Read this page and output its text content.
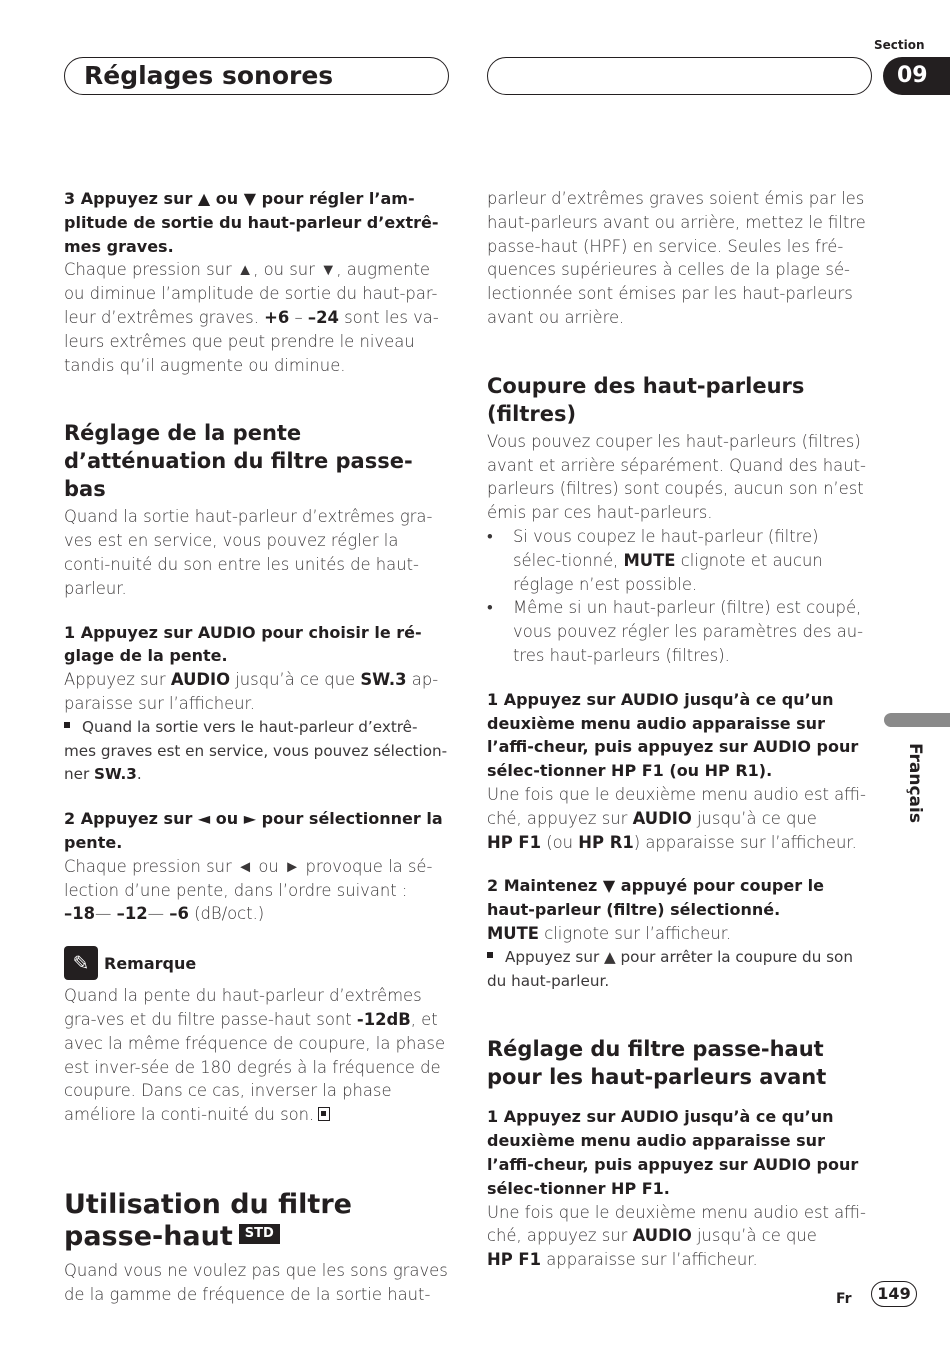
Réglages sonores
Section
09
Français

3 Appuyez sur ▲ ou ▼ pour régler l’am-plitude de sortie du haut-parleur d’extrê-mes graves.

Chaque pression sur ▲, ou sur ▼, augmente ou diminue l’amplitude de sortie du haut-par-leur d’extrêmes graves. +6 – –24 sont les va-leurs extrêmes que peut prendre le niveau tandis qu’il augmente ou diminue.

Réglage de la pente d’atténuation du filtre passe-bas

Quand la sortie haut-parleur d’extrêmes gra-ves est en service, vous pouvez régler la conti-nuité du son entre les unités de haut-parleur.

1 Appuyez sur AUDIO pour choisir le ré-glage de la pente.

Appuyez sur AUDIO jusqu’à ce que SW.3 ap-paraisse sur l’afficheur.

Quand la sortie vers le haut-parleur d’extrê-mes graves est en service, vous pouvez sélection-ner SW.3.

2 Appuyez sur ◄ ou ► pour sélectionner la pente.

Chaque pression sur ◄ ou ► provoque la sé-lection d’une pente, dans l’ordre suivant :

–18— –12— –6 (dB/oct.)

✎ Remarque

Quand la pente du haut-parleur d’extrêmes gra-ves et du filtre passe-haut sont -12dB, et avec la même fréquence de coupure, la phase est inver-sée de 180 degrés à la fréquence de coupure. Dans ce cas, inverser la phase améliore la conti-nuité du son.

Utilisation du filtre passe-haut STD

Quand vous ne voulez pas que les sons graves de la gamme de fréquence de la sortie haut-

parleur d’extrêmes graves soient émis par les haut-parleurs avant ou arrière, mettez le filtre passe-haut (HPF) en service. Seules les fré-quences supérieures à celles de la plage sé-lectionnée sont émises par les haut-parleurs avant ou arrière.

Coupure des haut-parleurs (filtres)

Vous pouvez couper les haut-parleurs (filtres) avant et arrière séparément. Quand des haut-parleurs (filtres) sont coupés, aucun son n’est émis par ces haut-parleurs.

•	Si vous coupez le haut-parleur (filtre) sélec-tionné, MUTE clignote et aucun réglage n’est possible.
•	Même si un haut-parleur (filtre) est coupé, vous pouvez régler les paramètres des au-tres haut-parleurs (filtres).

1 Appuyez sur AUDIO jusqu’à ce qu’un deuxième menu audio apparaisse sur l’affi-cheur, puis appuyez sur AUDIO pour sélec-tionner HP F1 (ou HP R1).

Une fois que le deuxième menu audio est affi-ché, appuyez sur AUDIO jusqu’à ce que
HP F1 (ou HP R1) apparaisse sur l’afficheur.

2 Maintenez ▼ appuyé pour couper le haut-parleur (filtre) sélectionné.

MUTE clignote sur l’afficheur.

Appuyez sur ▲ pour arrêter la coupure du son du haut-parleur.

Réglage du filtre passe-haut pour les haut-parleurs avant

1 Appuyez sur AUDIO jusqu’à ce qu’un deuxième menu audio apparaisse sur l’affi-cheur, puis appuyez sur AUDIO pour sélec-tionner HP F1.

Une fois que le deuxième menu audio est affi-ché, appuyez sur AUDIO jusqu’à ce que
HP F1 apparaisse sur l’afficheur.

Fr	149
